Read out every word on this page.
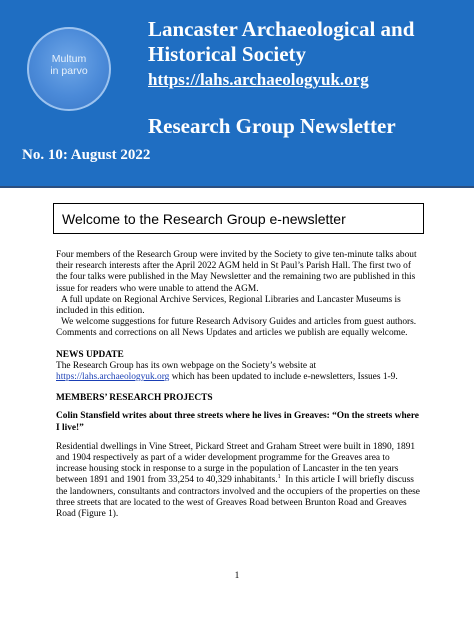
Multum
in parvo
Lancaster Archaeological and Historical Society
https://lahs.archaeologyuk.org
Research Group Newsletter

No. 10: August 2022

Welcome to the Research Group e-newsletter

Four members of the Research Group were invited by the Society to give ten-minute talks about their research interests after the April 2022 AGM held in St Paul’s Parish Hall. The first two of the four talks were published in the May Newsletter and the remaining two are published in this issue for readers who were unable to attend the AGM.

A full update on Regional Archive Services, Regional Libraries and Lancaster Museums is included in this edition.

We welcome suggestions for future Research Advisory Guides and articles from guest authors. Comments and corrections on all News Updates and articles we publish are equally welcome.

NEWS UPDATE

The Research Group has its own webpage on the Society’s website at
https://lahs.archaeologyuk.org which has been updated to include e-newsletters, Issues 1-9.

MEMBERS’ RESEARCH PROJECTS

Colin Stansfield writes about three streets where he lives in Greaves: “On the streets where I live!”

Residential dwellings in Vine Street, Pickard Street and Graham Street were built in 1890, 1891 and 1904 respectively as part of a wider development programme for the Greaves area to increase housing stock in response to a surge in the population of Lancaster in the ten years between 1891 and 1901 from 33,254 to 40,329 inhabitants.$^1$ In this article I will briefly discuss the landowners, consultants and contractors involved and the occupiers of the properties on these three streets that are located to the west of Greaves Road between Brunton Road and Greaves Road (Figure 1).

1
